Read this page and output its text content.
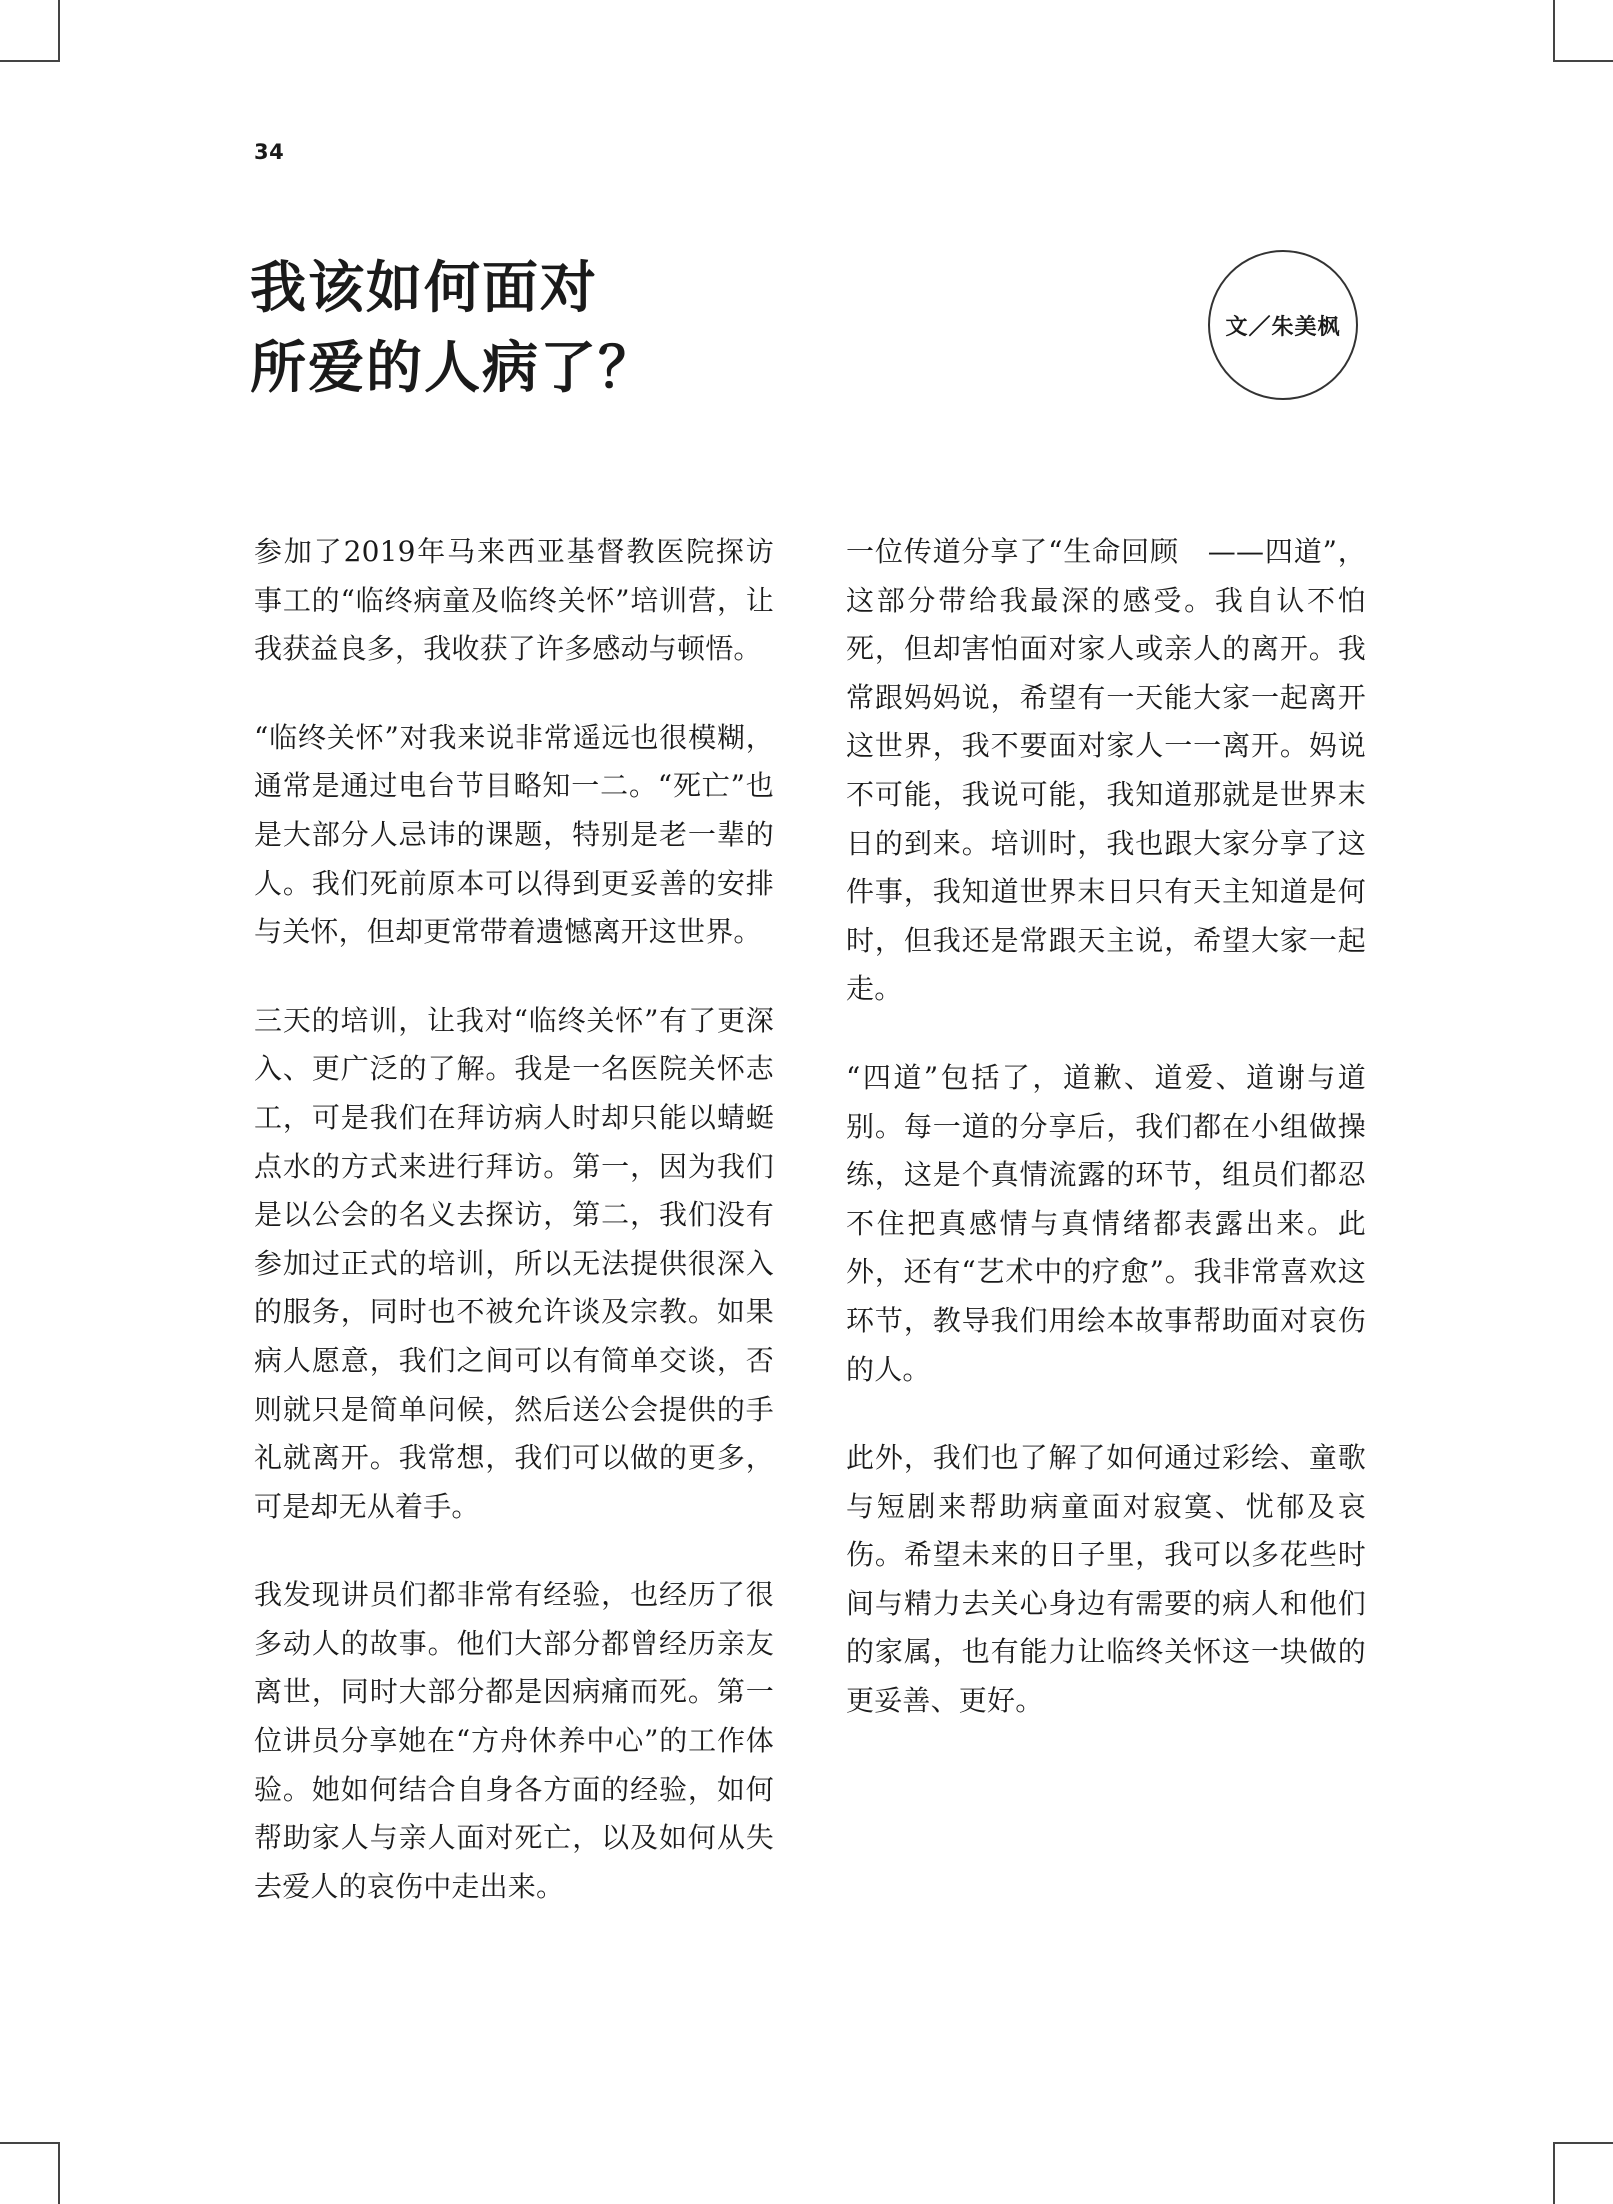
34
我该如何面对
所爱的人病了？
文／朱美枫

参加了2019年马来西亚基督教医院探访事工的“临终病童及临终关怀”培训营，让我获益良多，我收获了许多感动与顿悟。

“临终关怀”对我来说非常遥远也很模糊，通常是通过电台节目略知一二。“死亡”也是大部分人忌讳的课题，特别是老一辈的人。我们死前原本可以得到更妥善的安排与关怀，但却更常带着遗憾离开这世界。

三天的培训，让我对“临终关怀”有了更深入、更广泛的了解。我是一名医院关怀志工，可是我们在拜访病人时却只能以蜻蜓点水的方式来进行拜访。第一，因为我们是以公会的名义去探访，第二，我们没有参加过正式的培训，所以无法提供很深入的服务，同时也不被允许谈及宗教。如果病人愿意，我们之间可以有简单交谈，否则就只是简单问候，然后送公会提供的手礼就离开。我常想，我们可以做的更多，可是却无从着手。

我发现讲员们都非常有经验，也经历了很多动人的故事。他们大部分都曾经历亲友离世，同时大部分都是因病痛而死。第一位讲员分享她在“方舟休养中心”的工作体验。她如何结合自身各方面的经验，如何帮助家人与亲人面对死亡，以及如何从失去爱人的哀伤中走出来。

一位传道分享了“生命回顾　——四道”，这部分带给我最深的感受。我自认不怕死，但却害怕面对家人或亲人的离开。我常跟妈妈说，希望有一天能大家一起离开这世界，我不要面对家人一一离开。妈说不可能，我说可能，我知道那就是世界末日的到来。培训时，我也跟大家分享了这件事，我知道世界末日只有天主知道是何时，但我还是常跟天主说，希望大家一起走。

“四道”包括了，道歉、道爱、道谢与道别。每一道的分享后，我们都在小组做操练，这是个真情流露的环节，组员们都忍不住把真感情与真情绪都表露出来。此外，还有“艺术中的疗愈”。我非常喜欢这环节，教导我们用绘本故事帮助面对哀伤的人。

此外，我们也了解了如何通过彩绘、童歌与短剧来帮助病童面对寂寞、忧郁及哀伤。希望未来的日子里，我可以多花些时间与精力去关心身边有需要的病人和他们的家属，也有能力让临终关怀这一块做的更妥善、更好。
